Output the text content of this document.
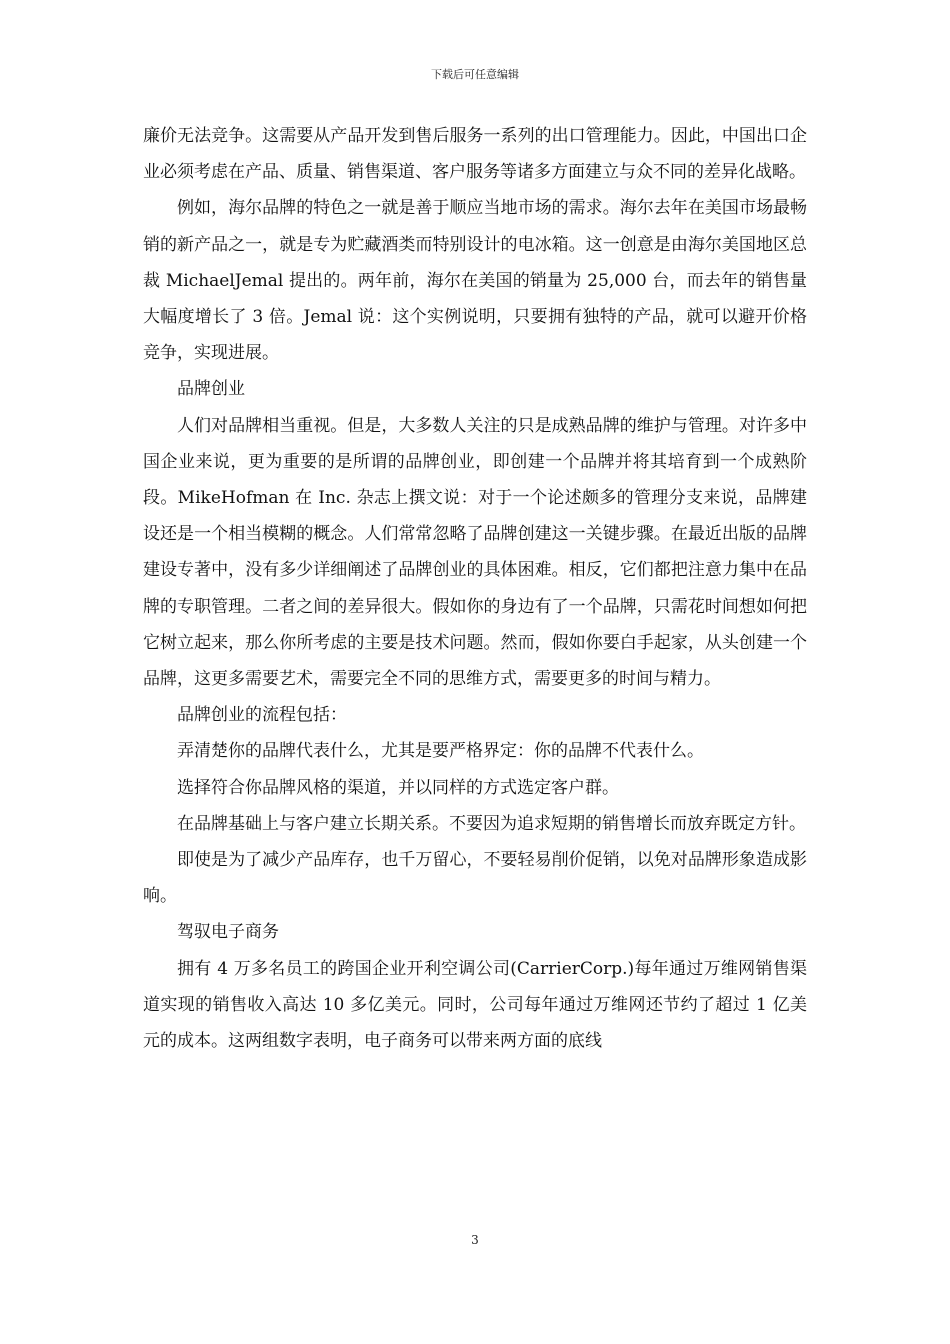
下载后可任意编辑

廉价无法竞争。这需要从产品开发到售后服务一系列的出口管理能力。因此，中国出口企业必须考虑在产品、质量、销售渠道、客户服务等诸多方面建立与众不同的差异化战略。

例如，海尔品牌的特色之一就是善于顺应当地市场的需求。海尔去年在美国市场最畅销的新产品之一，就是专为贮藏酒类而特别设计的电冰箱。这一创意是由海尔美国地区总裁 MichaelJemal 提出的。两年前，海尔在美国的销量为 25,000 台，而去年的销售量大幅度增长了 3 倍。Jemal 说：这个实例说明，只要拥有独特的产品，就可以避开价格竞争，实现进展。

品牌创业

人们对品牌相当重视。但是，大多数人关注的只是成熟品牌的维护与管理。对许多中国企业来说，更为重要的是所谓的品牌创业，即创建一个品牌并将其培育到一个成熟阶段。MikeHofman 在 Inc. 杂志上撰文说：对于一个论述颇多的管理分支来说，品牌建设还是一个相当模糊的概念。人们常常忽略了品牌创建这一关键步骤。在最近出版的品牌建设专著中，没有多少详细阐述了品牌创业的具体困难。相反，它们都把注意力集中在品牌的专职管理。二者之间的差异很大。假如你的身边有了一个品牌，只需花时间想如何把它树立起来，那么你所考虑的主要是技术问题。然而，假如你要白手起家，从头创建一个品牌，这更多需要艺术，需要完全不同的思维方式，需要更多的时间与精力。

品牌创业的流程包括：

弄清楚你的品牌代表什么，尤其是要严格界定：你的品牌不代表什么。

选择符合你品牌风格的渠道，并以同样的方式选定客户群。

在品牌基础上与客户建立长期关系。不要因为追求短期的销售增长而放弃既定方针。

即使是为了减少产品库存，也千万留心，不要轻易削价促销，以免对品牌形象造成影响。

驾驭电子商务

拥有 4 万多名员工的跨国企业开利空调公司(CarrierCorp.)每年通过万维网销售渠道实现的销售收入高达 10 多亿美元。同时，公司每年通过万维网还节约了超过 1 亿美元的成本。这两组数字表明，电子商务可以带来两方面的底线

3
